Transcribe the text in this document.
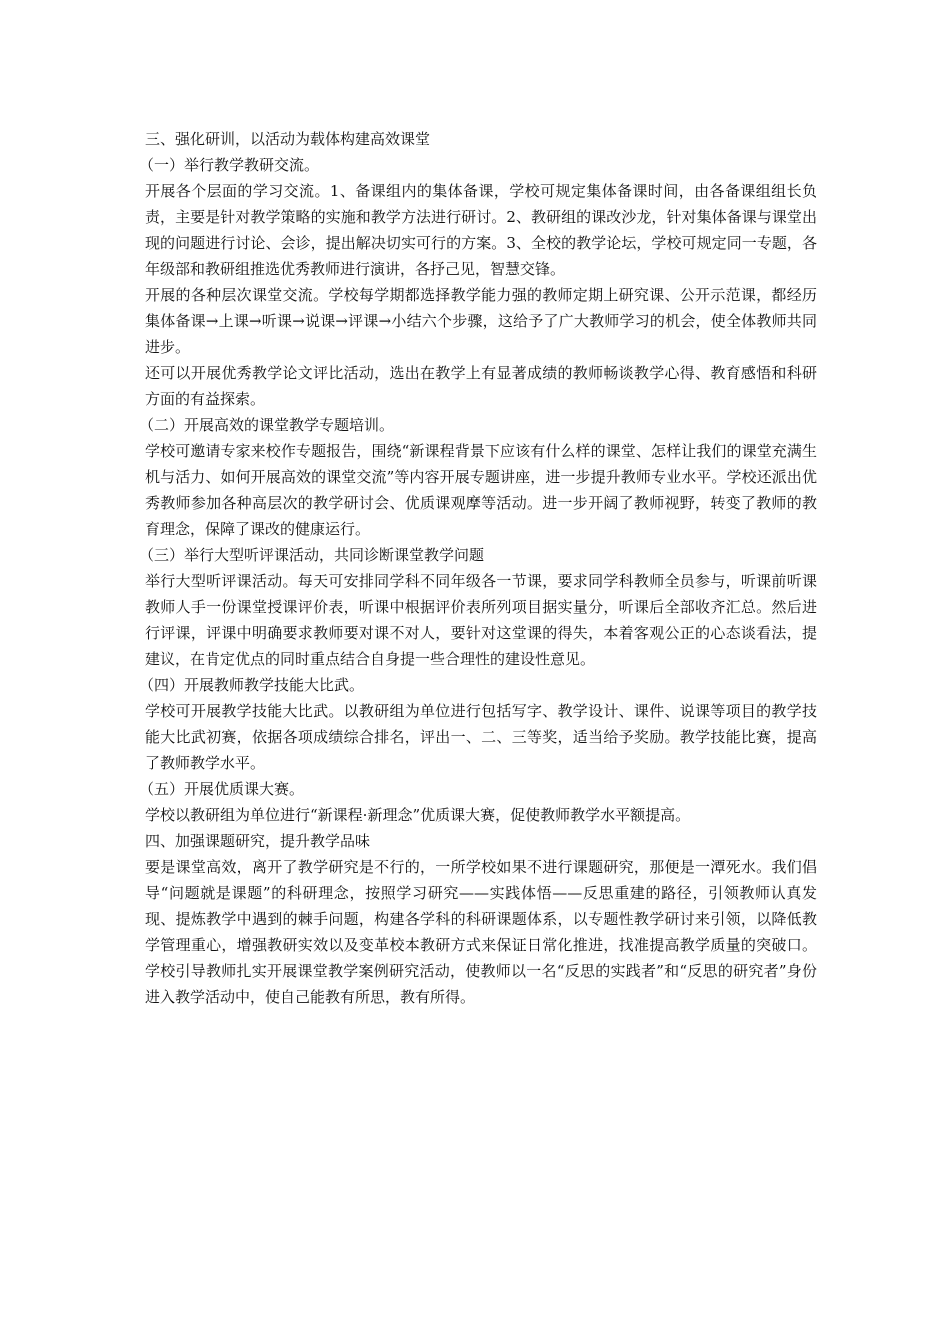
三、强化研训，以活动为载体构建高效课堂

（一）举行教学教研交流。

开展各个层面的学习交流。1、备课组内的集体备课，学校可规定集体备课时间，由各备课组组长负责，主要是针对教学策略的实施和教学方法进行研讨。2、教研组的课改沙龙，针对集体备课与课堂出现的问题进行讨论、会诊，提出解决切实可行的方案。3、全校的教学论坛，学校可规定同一专题，各年级部和教研组推选优秀教师进行演讲，各抒己见，智慧交锋。

开展的各种层次课堂交流。学校每学期都选择教学能力强的教师定期上研究课、公开示范课，都经历集体备课→上课→听课→说课→评课→小结六个步骤，这给予了广大教师学习的机会，使全体教师共同进步。

还可以开展优秀教学论文评比活动，选出在教学上有显著成绩的教师畅谈教学心得、教育感悟和科研方面的有益探索。

（二）开展高效的课堂教学专题培训。

学校可邀请专家来校作专题报告，围绕“新课程背景下应该有什么样的课堂、怎样让我们的课堂充满生机与活力、如何开展高效的课堂交流”等内容开展专题讲座，进一步提升教师专业水平。学校还派出优秀教师参加各种高层次的教学研讨会、优质课观摩等活动。进一步开阔了教师视野，转变了教师的教育理念，保障了课改的健康运行。

（三）举行大型听评课活动，共同诊断课堂教学问题

举行大型听评课活动。每天可安排同学科不同年级各一节课，要求同学科教师全员参与，听课前听课教师人手一份课堂授课评价表，听课中根据评价表所列项目据实量分，听课后全部收齐汇总。然后进行评课，评课中明确要求教师要对课不对人，要针对这堂课的得失，本着客观公正的心态谈看法，提建议，在肯定优点的同时重点结合自身提一些合理性的建设性意见。

（四）开展教师教学技能大比武。

学校可开展教学技能大比武。以教研组为单位进行包括写字、教学设计、课件、说课等项目的教学技能大比武初赛，依据各项成绩综合排名，评出一、二、三等奖，适当给予奖励。教学技能比赛，提高了教师教学水平。

（五）开展优质课大赛。

学校以教研组为单位进行“新课程·新理念”优质课大赛，促使教师教学水平额提高。

四、加强课题研究，提升教学品味

要是课堂高效，离开了教学研究是不行的，一所学校如果不进行课题研究，那便是一潭死水。我们倡导“问题就是课题”的科研理念，按照学习研究——实践体悟——反思重建的路径，引领教师认真发现、提炼教学中遇到的棘手问题，构建各学科的科研课题体系，以专题性教学研讨来引领，以降低教学管理重心，增强教研实效以及变革校本教研方式来保证日常化推进，找准提高教学质量的突破口。学校引导教师扎实开展课堂教学案例研究活动，使教师以一名“反思的实践者”和“反思的研究者”身份进入教学活动中，使自己能教有所思，教有所得。
